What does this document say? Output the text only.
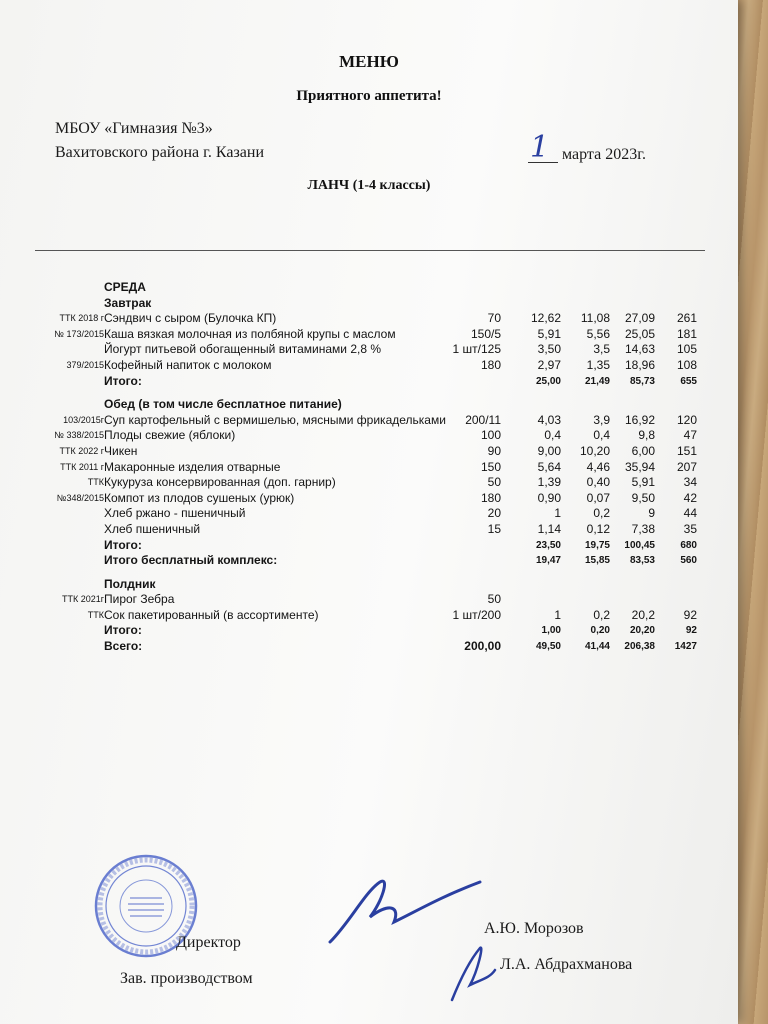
МЕНЮ
Приятного аппетита!
МБОУ «Гимназия №3»
Вахитовского района г. Казани	1 марта 2023г.
ЛАНЧ (1-4 классы)
СРЕДА
Завтрак
ТТК 2018 г Сэндвич с сыром (Булочка КП)	70 12,62 11,08 27,09 261
№ 173/2015 Каша вязкая молочная из полбяной крупы с маслом	150/5	5,91 5,56 25,05 181
Йогурт питьевой обогащенный витаминами 2,8 %	1 шт/125	3,50	3,5 14,63 105
379/2015 Кофейный напиток с молоком	180	2,97 1,35 18,96 108
Итого:	25,00 21,49 85,73	655
Обед (в том числе бесплатное питание)
103/2015г Суп картофельный с вермишелью, мясными фрикадельками 200/11	4,03	3,9 16,92 120
№ 338/2015 Плоды свежие (яблоки)	100	0,4	0,4 9,8 47
ТТК 2022 г Чикен	90	9,00 10,20 6,00 151
ТТК 2011 г Макаронные изделия отварные	150	5,64 4,46 35,94 207
ТТК Кукуруза консервированная (доп. гарнир)	50	1,39 0,40 5,91 34
№348/2015 Компот из плодов сушеных (урюк)	180	0,90 0,07 9,50 42
Хлеб ржано - пшеничный	20	1	0,2	9 44
Хлеб пшеничный	15	1,14 0,12 7,38 35
Итого:	23,50 19,75 100,45	680
Итого бесплатный комплекс:	19,47 15,85 83,53	560
Полдник
ТТК 2021г Пирог Зебра	50
ТТК Сок пакетированный (в ассортименте)	1 шт/200	1	0,2 20,2 92
Итого:	1,00	0,20 20,20	92
Всего:	200,00	49,50 41,44 206,38 1427
Директор
А.Ю. Морозов
Зав. производством
Л.А. Абдрахманова
